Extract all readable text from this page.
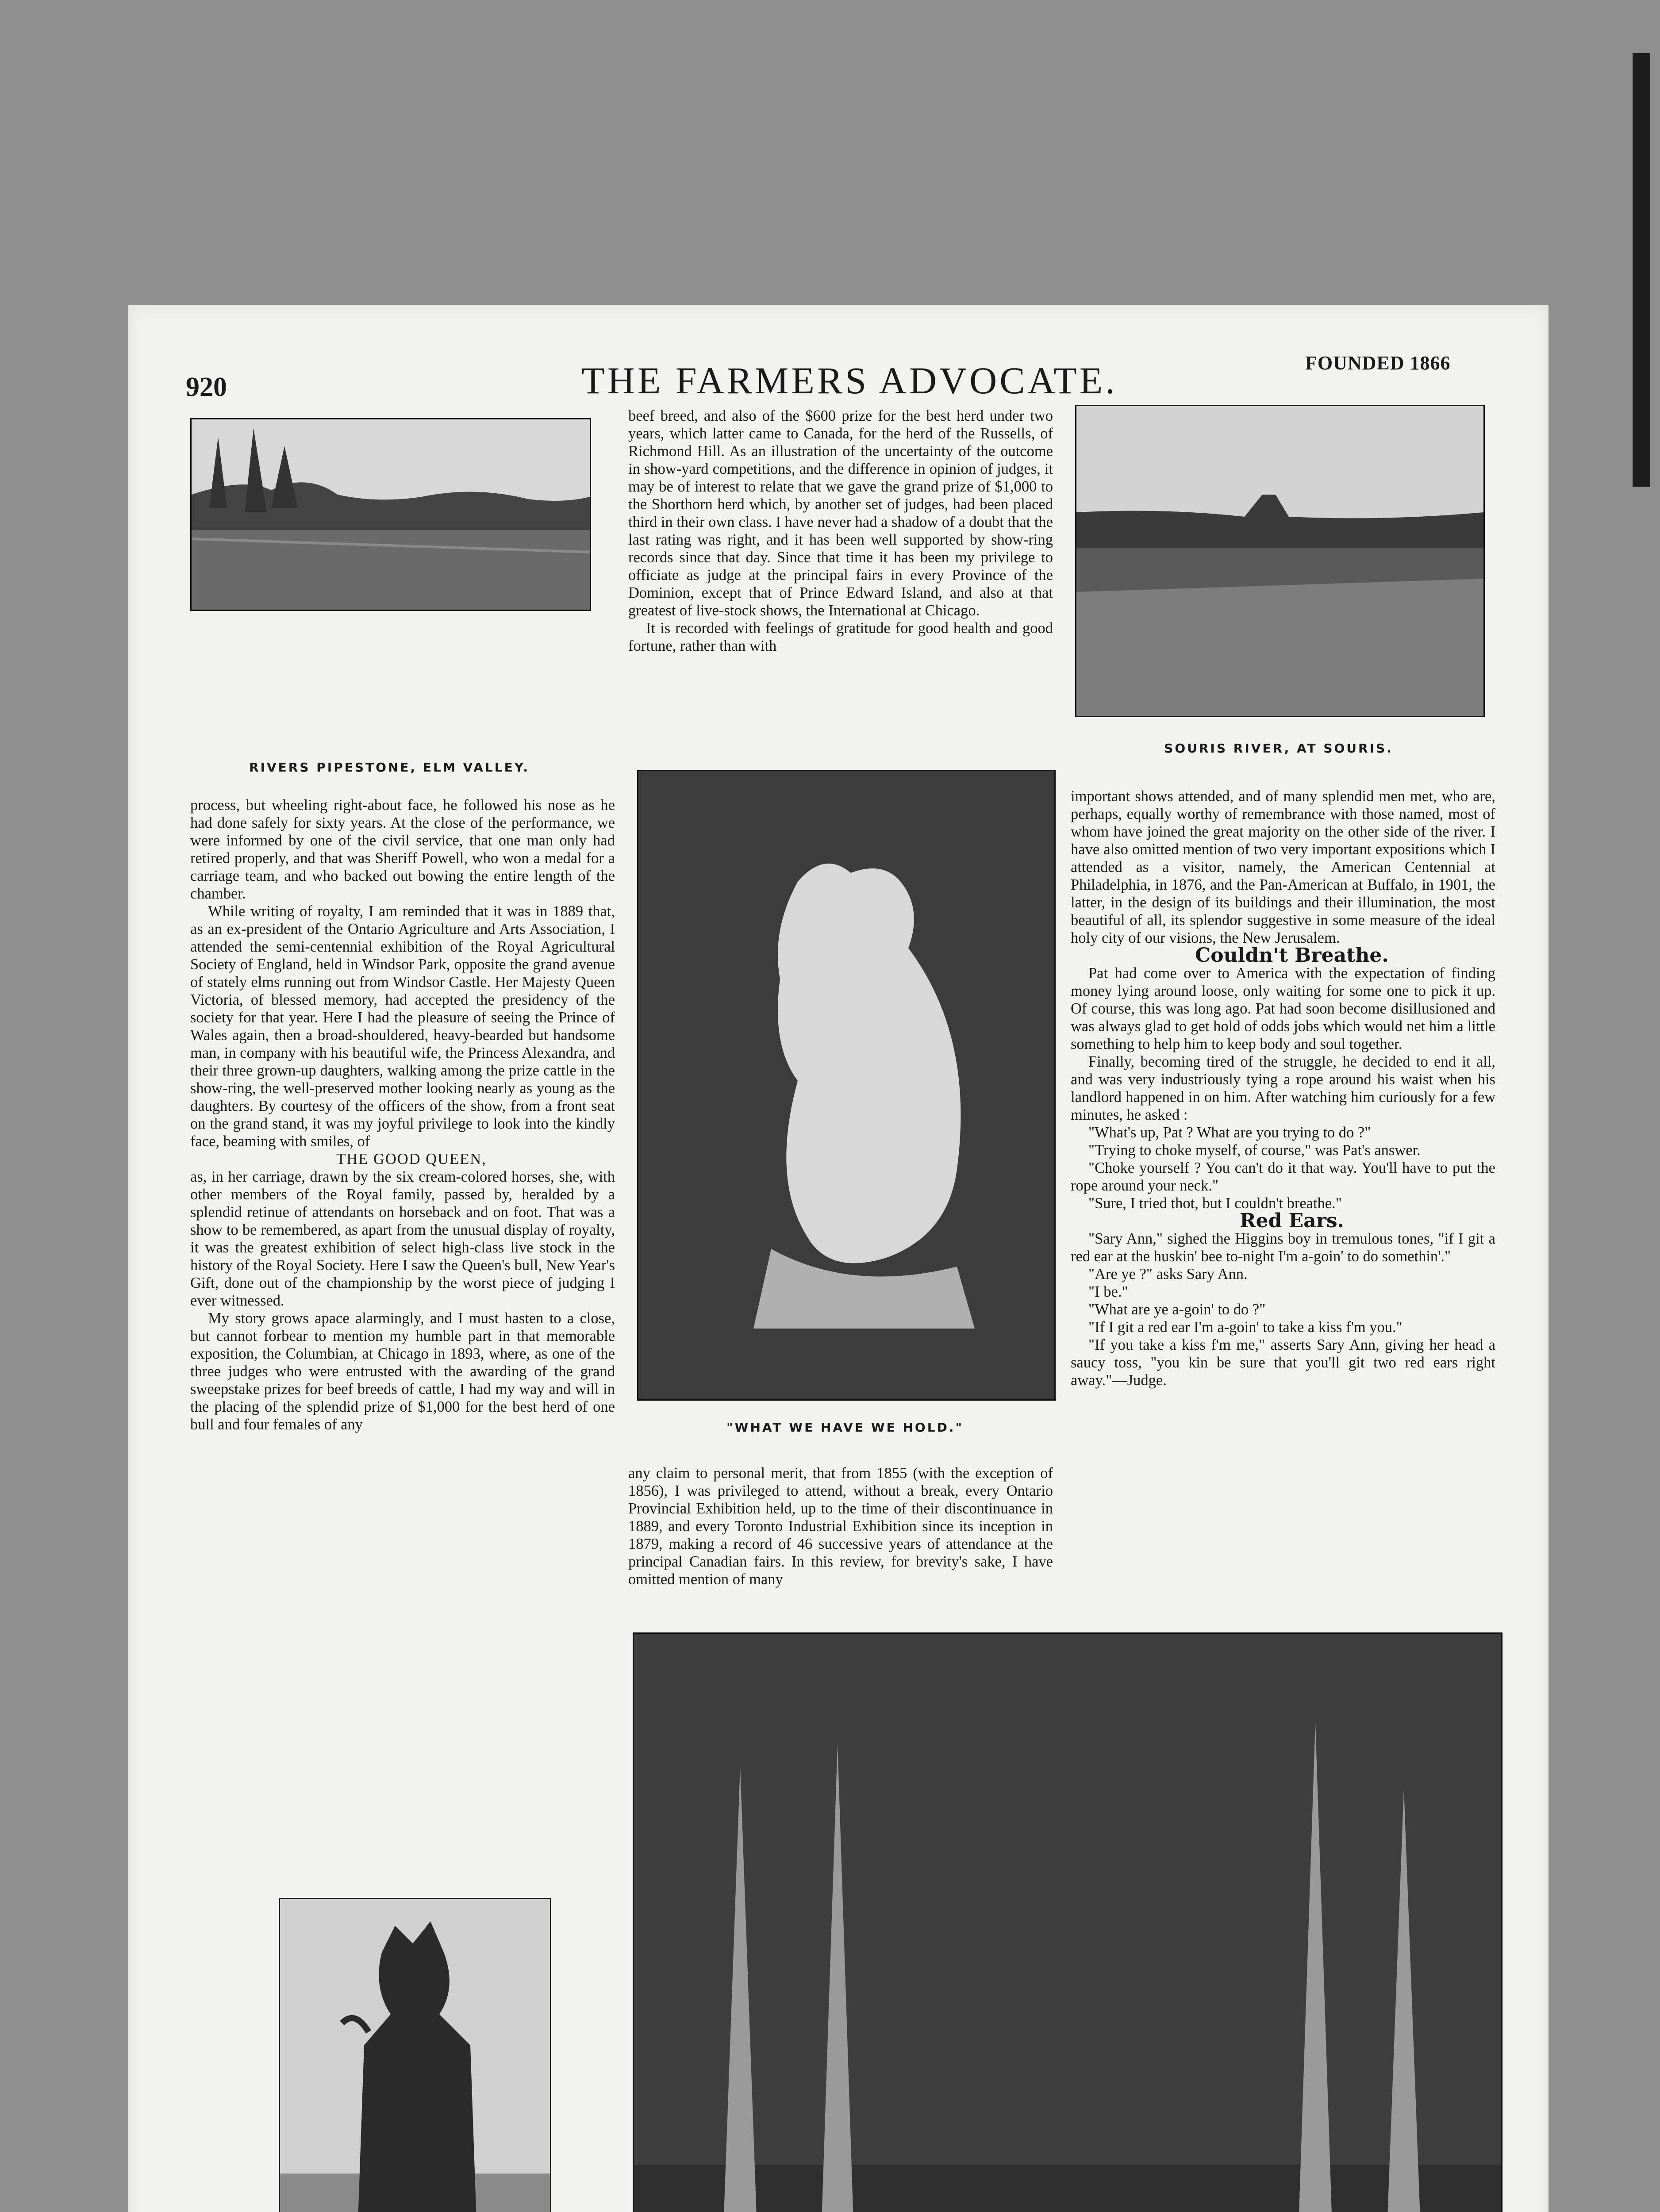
920	THE FARMERS ADVOCATE.	FOUNDED 1866
RIVERS PIPESTONE, ELM VALLEY.

beef breed, and also of the $600 prize for the best herd under two years, which latter came to Canada, for the herd of the Russells, of Richmond Hill. As an illustration of the uncertainty of the outcome in show-yard competitions, and the difference in opinion of judges, it may be of interest to relate that we gave the grand prize of $1,000 to the Shorthorn herd which, by another set of judges, had been placed third in their own class. I have never had a shadow of a doubt that the last rating was right, and it has been well supported by show-ring records since that day. Since that time it has been my privilege to officiate as judge at the principal fairs in every Province of the Dominion, except that of Prince Edward Island, and also at that greatest of live-stock shows, the International at Chicago.

It is recorded with feelings of gratitude for good health and good fortune, rather than with

SOURIS RIVER, AT SOURIS.
"WHAT WE HAVE WE HOLD."

process, but wheeling right-about face, he followed his nose as he had done safely for sixty years. At the close of the performance, we were informed by one of the civil service, that one man only had retired properly, and that was Sheriff Powell, who won a medal for a carriage team, and who backed out bowing the entire length of the chamber.

While writing of royalty, I am reminded that it was in 1889 that, as an ex-president of the Ontario Agriculture and Arts Association, I attended the semi-centennial exhibition of the Royal Agricultural Society of England, held in Windsor Park, opposite the grand avenue of stately elms running out from Windsor Castle. Her Majesty Queen Victoria, of blessed memory, had accepted the presidency of the society for that year. Here I had the pleasure of seeing the Prince of Wales again, then a broad-shouldered, heavy-bearded but handsome man, in company with his beautiful wife, the Princess Alexandra, and their three grown-up daughters, walking among the prize cattle in the show-ring, the well-preserved mother looking nearly as young as the daughters. By courtesy of the officers of the show, from a front seat on the grand stand, it was my joyful privilege to look into the kindly face, beaming with smiles, of

THE GOOD QUEEN,

as, in her carriage, drawn by the six cream-colored horses, she, with other members of the Royal family, passed by, heralded by a splendid retinue of attendants on horseback and on foot. That was a show to be remembered, as apart from the unusual display of royalty, it was the greatest exhibition of select high-class live stock in the history of the Royal Society. Here I saw the Queen's bull, New Year's Gift, done out of the championship by the worst piece of judging I ever witnessed.

My story grows apace alarmingly, and I must hasten to a close, but cannot forbear to mention my humble part in that memorable exposition, the Columbian, at Chicago in 1893, where, as one of the three judges who were entrusted with the awarding of the grand sweepstake prizes for beef breeds of cattle, I had my way and will in the placing of the splendid prize of $1,000 for the best herd of one bull and four females of any

any claim to personal merit, that from 1855 (with the exception of 1856), I was privileged to attend, without a break, every Ontario Provincial Exhibition held, up to the time of their discontinuance in 1889, and every Toronto Industrial Exhibition since its inception in 1879, making a record of 46 successive years of attendance at the principal Canadian fairs. In this review, for brevity's sake, I have omitted mention of many

important shows attended, and of many splendid men met, who are, perhaps, equally worthy of remembrance with those named, most of whom have joined the great majority on the other side of the river. I have also omitted mention of two very important expositions which I attended as a visitor, namely, the American Centennial at Philadelphia, in 1876, and the Pan-American at Buffalo, in 1901, the latter, in the design of its buildings and their illumination, the most beautiful of all, its splendor suggestive in some measure of the ideal holy city of our visions, the New Jerusalem.

Couldn't Breathe.

Pat had come over to America with the expectation of finding money lying around loose, only waiting for some one to pick it up. Of course, this was long ago. Pat had soon become disillusioned and was always glad to get hold of odds jobs which would net him a little something to help him to keep body and soul together.

Finally, becoming tired of the struggle, he decided to end it all, and was very industriously tying a rope around his waist when his landlord happened in on him. After watching him curiously for a few minutes, he asked :

"What's up, Pat ? What are you trying to do ?"

"Trying to choke myself, of course," was Pat's answer.

"Choke yourself ? You can't do it that way. You'll have to put the rope around your neck."

"Sure, I tried thot, but I couldn't breathe."

Red Ears.

"Sary Ann," sighed the Higgins boy in tremulous tones, "if I git a red ear at the huskin' bee to-night I'm a-goin' to do somethin'."

"Are ye ?" asks Sary Ann.

"I be."

"What are ye a-goin' to do ?"

"If I git a red ear I'm a-goin' to take a kiss f'm you."

"If you take a kiss f'm me," asserts Sary Ann, giving her head a saucy toss, "you kin be sure that you'll git two red ears right away."—Judge.
